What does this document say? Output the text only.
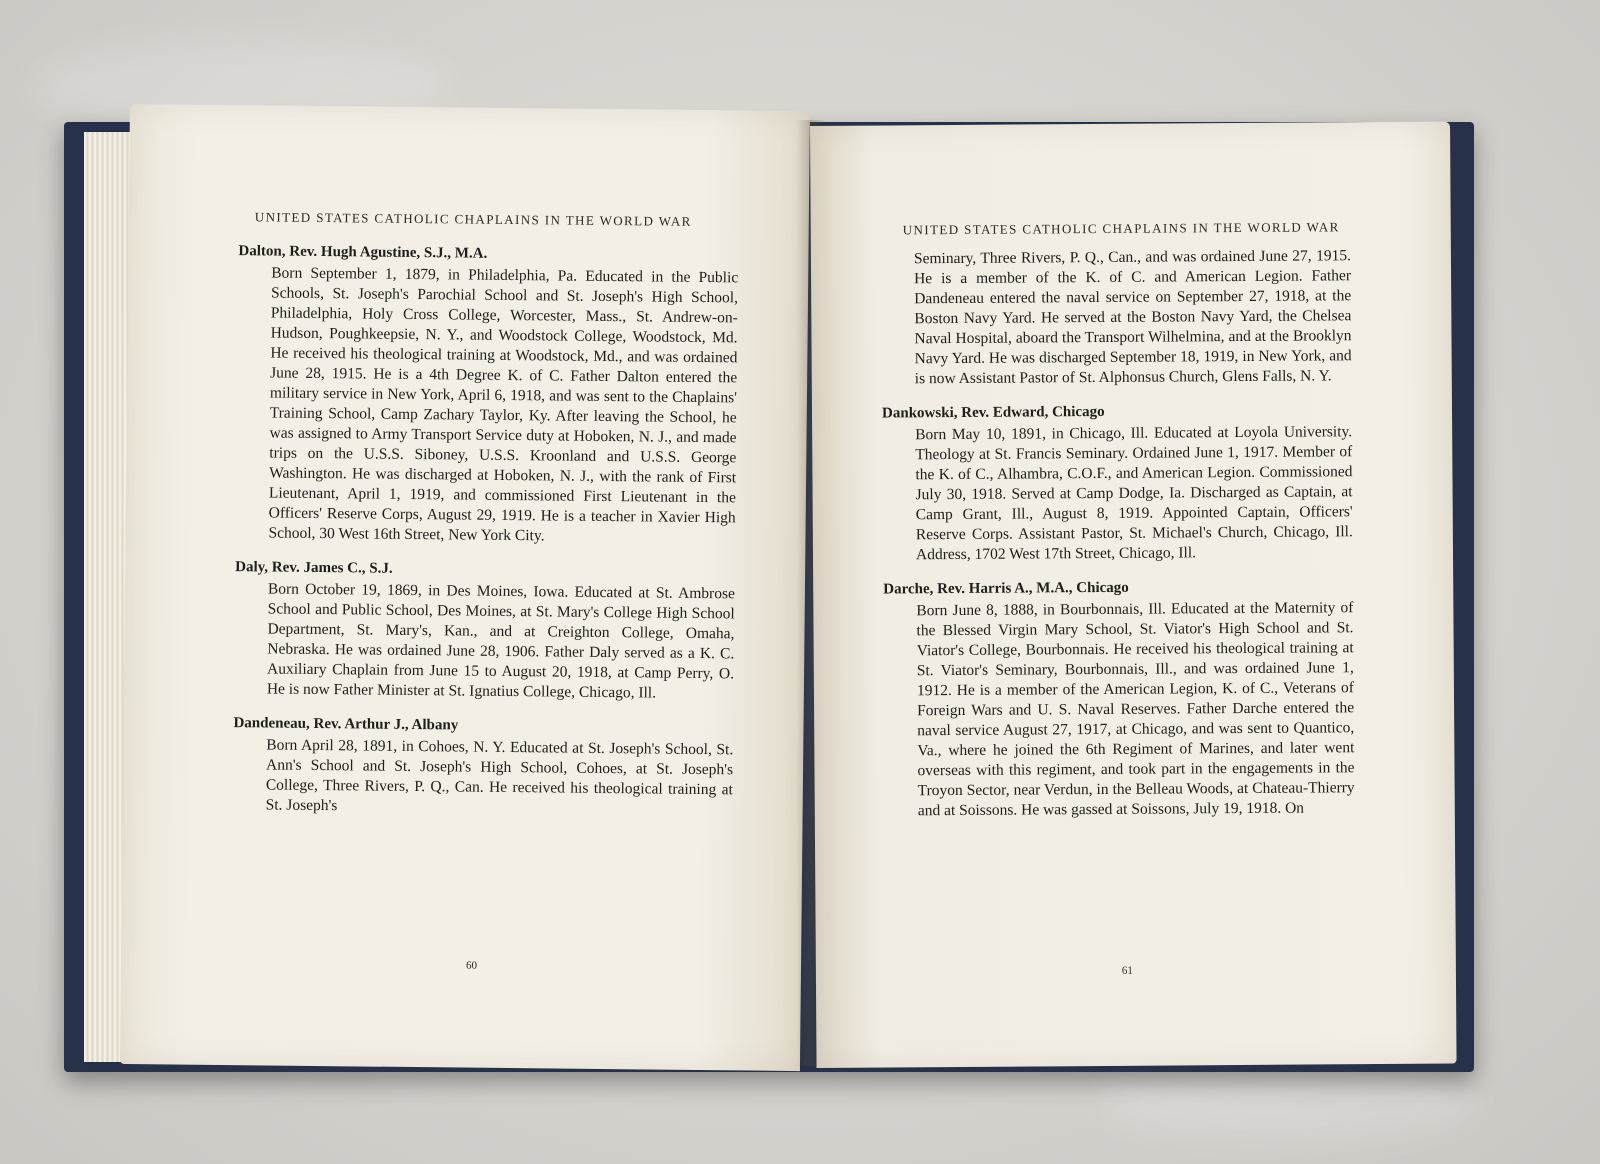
UNITED STATES CATHOLIC CHAPLAINS IN THE WORLD WAR
Dalton, Rev. Hugh Agustine, S.J., M.A.
Born September 1, 1879, in Philadelphia, Pa. Educated in the Public Schools, St. Joseph's Parochial School and St. Joseph's High School, Philadelphia, Holy Cross College, Worcester, Mass., St. Andrew-on-Hudson, Poughkeepsie, N. Y., and Woodstock College, Woodstock, Md. He received his theological training at Woodstock, Md., and was ordained June 28, 1915. He is a 4th Degree K. of C. Father Dalton entered the military service in New York, April 6, 1918, and was sent to the Chaplains' Training School, Camp Zachary Taylor, Ky. After leaving the School, he was assigned to Army Transport Service duty at Hoboken, N. J., and made trips on the U.S.S. Siboney, U.S.S. Kroonland and U.S.S. George Washington. He was discharged at Hoboken, N. J., with the rank of First Lieutenant, April 1, 1919, and commissioned First Lieutenant in the Officers' Reserve Corps, August 29, 1919. He is a teacher in Xavier High School, 30 West 16th Street, New York City.
Daly, Rev. James C., S.J.
Born October 19, 1869, in Des Moines, Iowa. Educated at St. Ambrose School and Public School, Des Moines, at St. Mary's College High School Department, St. Mary's, Kan., and at Creighton College, Omaha, Nebraska. He was ordained June 28, 1906. Father Daly served as a K. C. Auxiliary Chaplain from June 15 to August 20, 1918, at Camp Perry, O. He is now Father Minister at St. Ignatius College, Chicago, Ill.
Dandeneau, Rev. Arthur J., Albany
Born April 28, 1891, in Cohoes, N. Y. Educated at St. Joseph's School, St. Ann's School and St. Joseph's High School, Cohoes, at St. Joseph's College, Three Rivers, P. Q., Can. He received his theological training at St. Joseph's
60
UNITED STATES CATHOLIC CHAPLAINS IN THE WORLD WAR
Seminary, Three Rivers, P. Q., Can., and was ordained June 27, 1915. He is a member of the K. of C. and American Legion. Father Dandeneau entered the naval service on September 27, 1918, at the Boston Navy Yard. He served at the Boston Navy Yard, the Chelsea Naval Hospital, aboard the Transport Wilhelmina, and at the Brooklyn Navy Yard. He was discharged September 18, 1919, in New York, and is now Assistant Pastor of St. Alphonsus Church, Glens Falls, N. Y.
Dankowski, Rev. Edward, Chicago
Born May 10, 1891, in Chicago, Ill. Educated at Loyola University. Theology at St. Francis Seminary. Ordained June 1, 1917. Member of the K. of C., Alhambra, C.O.F., and American Legion. Commissioned July 30, 1918. Served at Camp Dodge, Ia. Discharged as Captain, at Camp Grant, Ill., August 8, 1919. Appointed Captain, Officers' Reserve Corps. Assistant Pastor, St. Michael's Church, Chicago, Ill. Address, 1702 West 17th Street, Chicago, Ill.
Darche, Rev. Harris A., M.A., Chicago
Born June 8, 1888, in Bourbonnais, Ill. Educated at the Maternity of the Blessed Virgin Mary School, St. Viator's High School and St. Viator's College, Bourbonnais. He received his theological training at St. Viator's Seminary, Bourbonnais, Ill., and was ordained June 1, 1912. He is a member of the American Legion, K. of C., Veterans of Foreign Wars and U. S. Naval Reserves. Father Darche entered the naval service August 27, 1917, at Chicago, and was sent to Quantico, Va., where he joined the 6th Regiment of Marines, and later went overseas with this regiment, and took part in the engagements in the Troyon Sector, near Verdun, in the Belleau Woods, at Chateau-Thierry and at Soissons. He was gassed at Soissons, July 19, 1918. On
61
